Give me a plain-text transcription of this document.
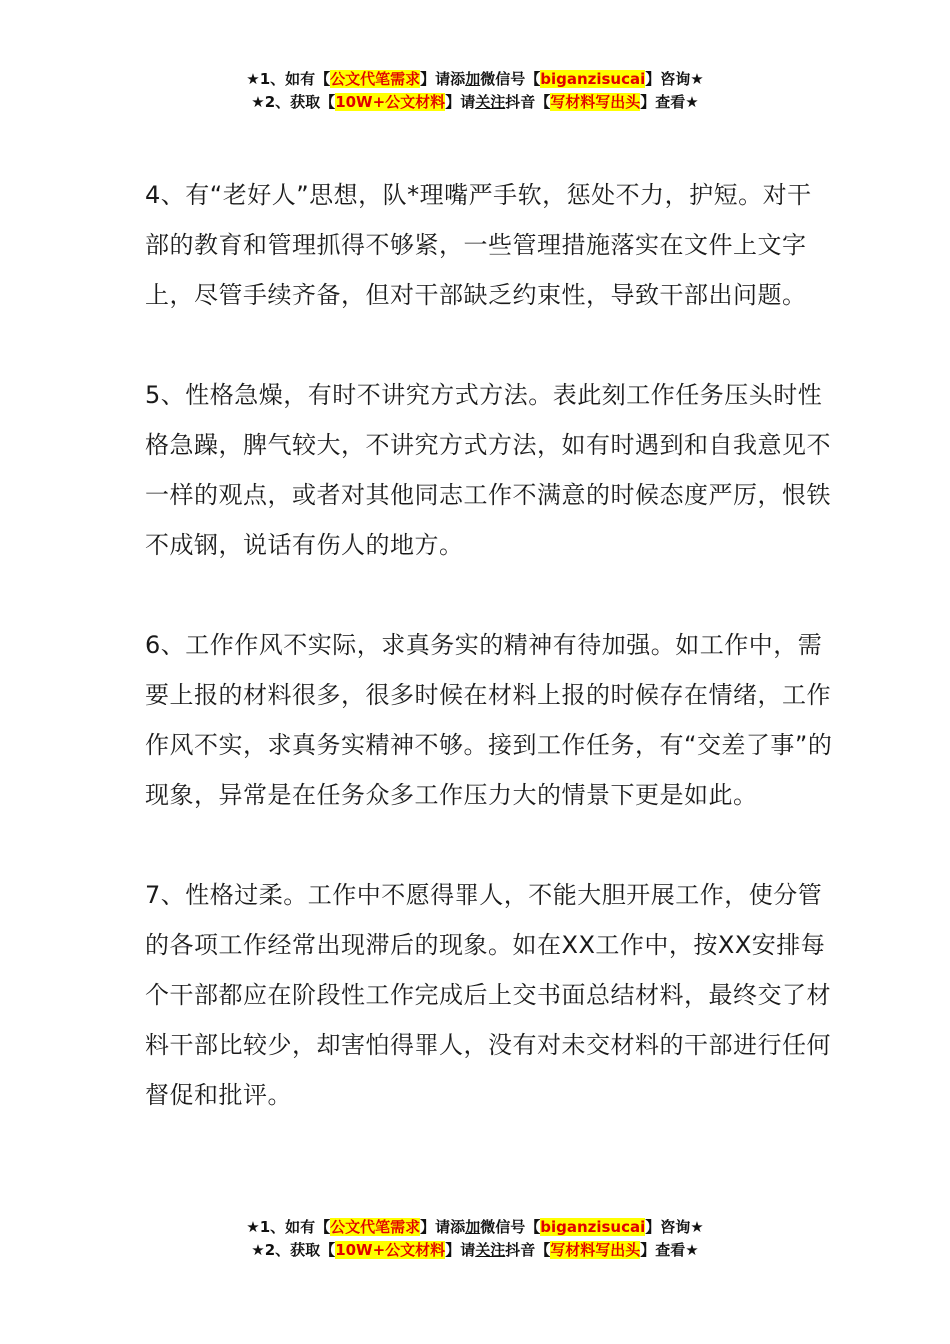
★1、如有【公文代笔需求】请添加微信号【biganzisucai】咨询★
★2、获取【10W+公文材料】请关注抖音【写材料写出头】查看★

4、有“老好人”思想，队*理嘴严手软，惩处不力，护短。对干部的教育和管理抓得不够紧，一些管理措施落实在文件上文字上，尽管手续齐备，但对干部缺乏约束性，导致干部出问题。

5、性格急燥，有时不讲究方式方法。表此刻工作任务压头时性格急躁，脾气较大，不讲究方式方法，如有时遇到和自我意见不一样的观点，或者对其他同志工作不满意的时候态度严厉，恨铁不成钢，说话有伤人的地方。

6、工作作风不实际，求真务实的精神有待加强。如工作中，需要上报的材料很多，很多时候在材料上报的时候存在情绪，工作作风不实，求真务实精神不够。接到工作任务，有“交差了事”的现象，异常是在任务众多工作压力大的情景下更是如此。

7、性格过柔。工作中不愿得罪人，不能大胆开展工作，使分管的各项工作经常出现滞后的现象。如在XX工作中，按XX安排每个干部都应在阶段性工作完成后上交书面总结材料，最终交了材料干部比较少，却害怕得罪人，没有对未交材料的干部进行任何督促和批评。

★1、如有【公文代笔需求】请添加微信号【biganzisucai】咨询★
★2、获取【10W+公文材料】请关注抖音【写材料写出头】查看★
